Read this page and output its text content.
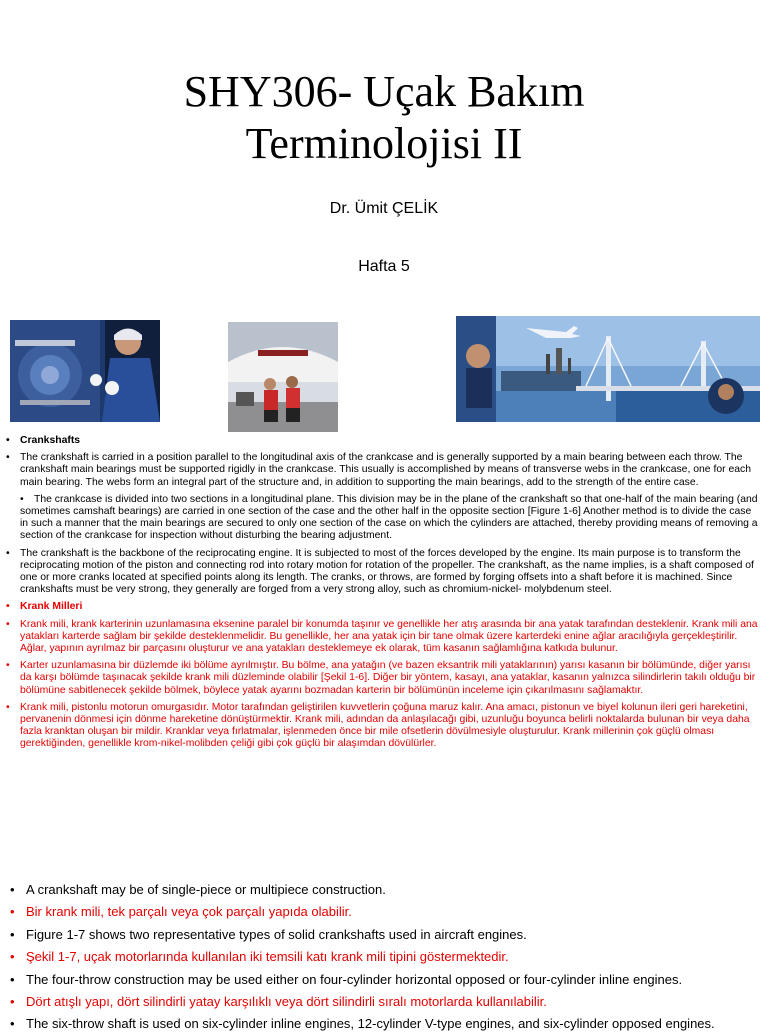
SHY306- Uçak Bakım
Terminolojisi II
Dr. Ümit ÇELİK
Hafta 5
• Crankshafts
• The crankshaft is carried in a position parallel to the longitudinal axis of the crankcase and is generally supported by a main bearing between each throw. The crankshaft main bearings must be supported rigidly in the crankcase. This usually is accomplished by means of transverse webs in the crankcase, one for each main bearing. The webs form an integral part of the structure and, in addition to supporting the main bearings, add to the strength of the entire case.
• The crankcase is divided into two sections in a longitudinal plane. This division may be in the plane of the crankshaft so that one-half of the main bearing (and sometimes camshaft bearings) are carried in one section of the case and the other half in the opposite section [Figure 1-6] Another method is to divide the case in such a manner that the main bearings are secured to only one section of the case on which the cylinders are attached, thereby providing means of removing a section of the crankcase for inspection without disturbing the bearing adjustment.
• The crankshaft is the backbone of the reciprocating engine. It is subjected to most of the forces developed by the engine. Its main purpose is to transform the reciprocating motion of the piston and connecting rod into rotary motion for rotation of the propeller. The crankshaft, as the name implies, is a shaft composed of one or more cranks located at specified points along its length. The cranks, or throws, are formed by forging offsets into a shaft before it is machined. Since crankshafts must be very strong, they generally are forged from a very strong alloy, such as chromium-nickel- molybdenum steel.
• Krank Milleri
• Krank mili, krank karterinin uzunlamasına eksenine paralel bir konumda taşınır ve genellikle her atış arasında bir ana yatak tarafından desteklenir. Krank mili ana yatakları karterde sağlam bir şekilde desteklenmelidir. Bu genellikle, her ana yatak için bir tane olmak üzere karterdeki enine ağlar aracılığıyla gerçekleştirilir. Ağlar, yapının ayrılmaz bir parçasını oluşturur ve ana yatakları desteklemeye ek olarak, tüm kasanın sağlamlığına katkıda bulunur.
• Karter uzunlamasına bir düzlemde iki bölüme ayrılmıştır. Bu bölme, ana yatağın (ve bazen eksantrik mili yataklarının) yarısı kasanın bir bölümünde, diğer yarısı da karşı bölümde taşınacak şekilde krank mili düzleminde olabilir [Şekil 1-6]. Diğer bir yöntem, kasayı, ana yataklar, kasanın yalnızca silindirlerin takılı olduğu bir bölümüne sabitlenecek şekilde bölmek, böylece yatak ayarını bozmadan karterin bir bölümünün inceleme için çıkarılmasını sağlamaktır.
• Krank mili, pistonlu motorun omurgasıdır. Motor tarafından geliştirilen kuvvetlerin çoğuna maruz kalır. Ana amacı, pistonun ve biyel kolunun ileri geri hareketini, pervanenin dönmesi için dönme hareketine dönüştürmektir. Krank mili, adından da anlaşılacağı gibi, uzunluğu boyunca belirli noktalarda bulunan bir veya daha fazla kranktan oluşan bir mildir. Kranklar veya fırlatmalar, işlenmeden önce bir mile ofsetlerin dövülmesiyle oluşturulur. Krank millerinin çok güçlü olması gerektiğinden, genellikle krom-nikel-molibden çeliği gibi çok güçlü bir alaşımdan dövülürler.
• A crankshaft may be of single-piece or multipiece construction.
• Bir krank mili, tek parçalı veya çok parçalı yapıda olabilir.
• Figure 1-7 shows two representative types of solid crankshafts used in aircraft engines.
• Şekil 1-7, uçak motorlarında kullanılan iki temsili katı krank mili tipini göstermektedir.
• The four-throw construction may be used either on four-cylinder horizontal opposed or four-cylinder inline engines.
• Dört atışlı yapı, dört silindirli yatay karşılıklı veya dört silindirli sıralı motorlarda kullanılabilir.
• The six-throw shaft is used on six-cylinder inline engines, 12-cylinder V-type engines, and six-cylinder opposed engines.
